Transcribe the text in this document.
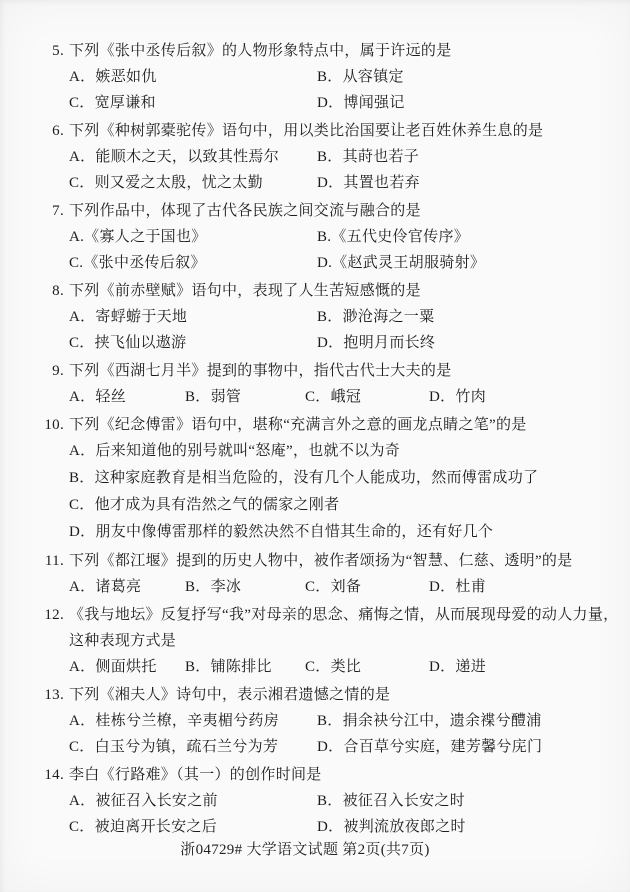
5. 下列《张中丞传后叙》的人物形象特点中，属于许远的是
A．嫉恶如仇	B．从容镇定
C．宽厚谦和	D．博闻强记
6. 下列《种树郭橐驼传》语句中，用以类比治国要让老百姓休养生息的是
A．能顺木之天，以致其性焉尔	B．其莳也若子
C．则又爱之太殷，忧之太勤	D．其置也若弃
7. 下列作品中，体现了古代各民族之间交流与融合的是
A.《寡人之于国也》	B.《五代史伶官传序》
C.《张中丞传后叙》	D.《赵武灵王胡服骑射》
8. 下列《前赤壁赋》语句中，表现了人生苦短感慨的是
A．寄蜉蝣于天地	B．渺沧海之一粟
C．挟飞仙以遨游	D．抱明月而长终
9. 下列《西湖七月半》提到的事物中，指代古代士大夫的是
A．轻丝	B．弱管	C．峨冠	D．竹肉
10. 下列《纪念傅雷》语句中，堪称“充满言外之意的画龙点睛之笔”的是
A．后来知道他的别号就叫“怒庵”，也就不以为奇
B．这种家庭教育是相当危险的，没有几个人能成功，然而傅雷成功了
C．他才成为具有浩然之气的儒家之刚者
D．朋友中像傅雷那样的毅然决然不自惜其生命的，还有好几个
11. 下列《都江堰》提到的历史人物中，被作者颂扬为“智慧、仁慈、透明”的是
A．诸葛亮	B．李冰	C．刘备	D．杜甫
12. 《我与地坛》反复抒写“我”对母亲的思念、痛悔之情，从而展现母爱的动人力量，
这种表现方式是
A．侧面烘托	B．铺陈排比	C．类比	D．递进
13. 下列《湘夫人》诗句中，表示湘君遗憾之情的是
A．桂栋兮兰橑，辛夷楣兮药房	B．捐余袂兮江中，遗余褋兮醴浦
C．白玉兮为镇，疏石兰兮为芳	D．合百草兮实庭，建芳馨兮庑门
14. 李白《行路难》（其一）的创作时间是
A．被征召入长安之前	B．被征召入长安之时
C．被迫离开长安之后	D．被判流放夜郎之时
浙04729# 大学语文试题 第2页(共7页)
